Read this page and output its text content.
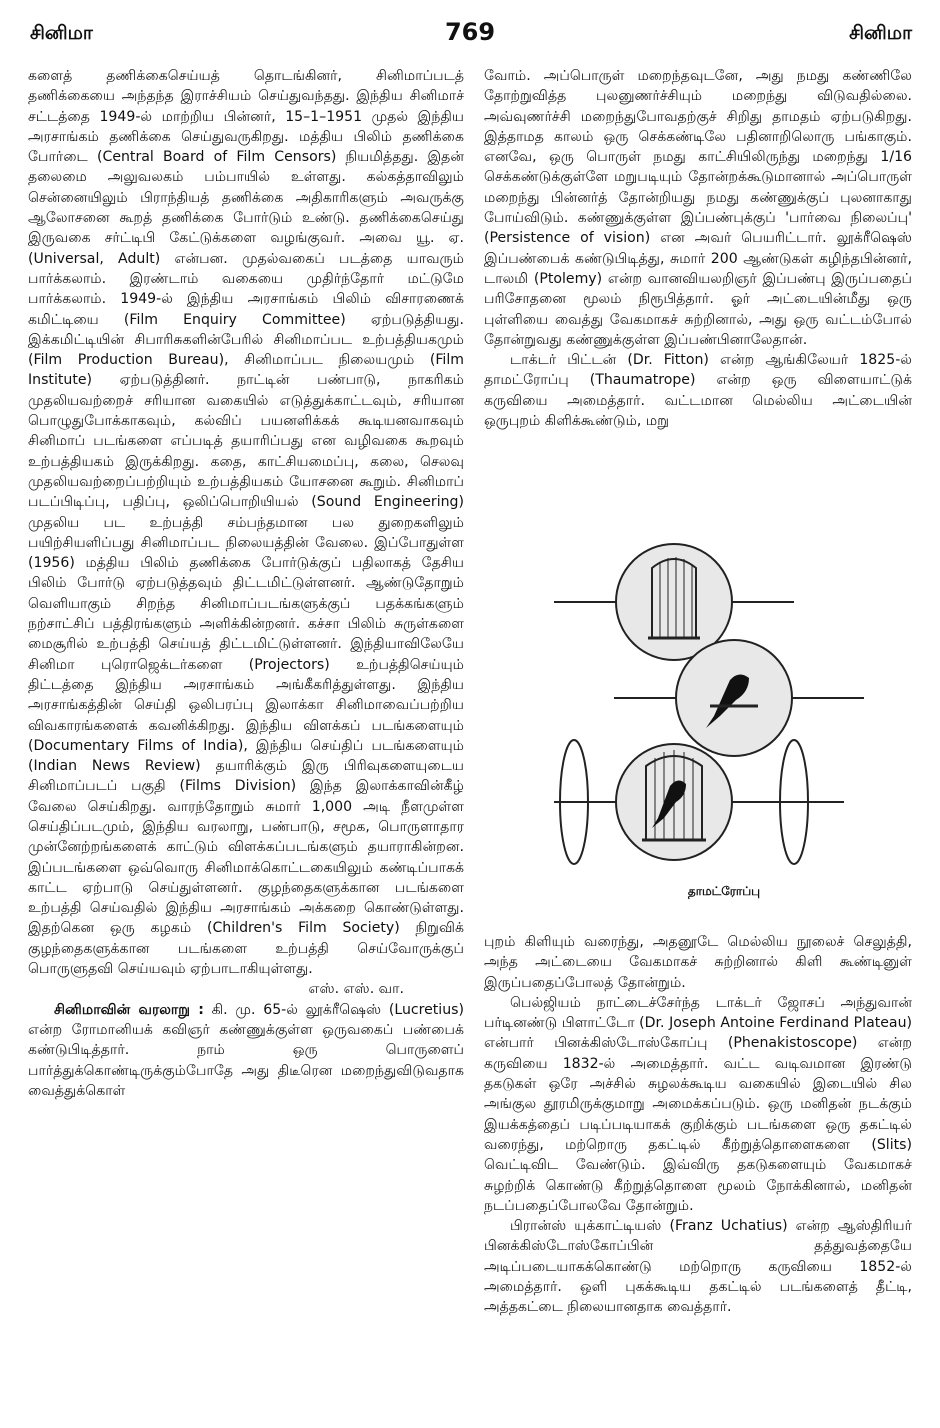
சினிமா	769	சினிமா

களைத் தணிக்கைசெய்யத் தொடங்கினர், சினிமாப்படத் தணிக்கையை அந்தந்த இராச்சியம் செய்துவந்தது. இந்திய சினிமாச் சட்டத்தை 1949-ல் மாற்றிய பின்னர், 15–1–1951 முதல் இந்திய அரசாங்கம் தணிக்கை செய்துவருகிறது. மத்திய பிலிம் தணிக்கை போர்டை (Central Board of Film Censors) நியமித்தது. இதன் தலைமை அலுவலகம் பம்பாயில் உள்ளது. கல்கத்தாவிலும் சென்னையிலும் பிராந்தியத் தணிக்கை அதிகாரிகளும் அவருக்கு ஆலோசனை கூறத் தணிக்கை போர்டும் உண்டு. தணிக்கைசெய்து இருவகை சர்ட்டிபி கேட்டுக்களை வழங்குவர். அவை யூ. ஏ. (Universal, Adult) என்பன. முதல்வகைப் படத்தை யாவரும் பார்க்கலாம். இரண்டாம் வகையை முதிர்ந்தோர் மட்டுமே பார்க்கலாம். 1949-ல் இந்திய அரசாங்கம் பிலிம் விசாரணைக் கமிட்டியை (Film Enquiry Committee) ஏற்படுத்தியது. இக்கமிட்டியின் சிபாரிசுகளின்பேரில் சினிமாப்பட உற்பத்தியகமும் (Film Production Bureau), சினிமாப்பட நிலையமும் (Film Institute) ஏற்படுத்தினர். நாட்டின் பண்பாடு, நாகரிகம் முதலியவற்றைச் சரியான வகையில் எடுத்துக்காட்டவும், சரியான பொழுதுபோக்காகவும், கல்விப் பயனளிக்கக் கூடியனவாகவும் சினிமாப் படங்களை எப்படித் தயாரிப்பது என வழிவகை கூறவும் உற்பத்தியகம் இருக்கிறது. கதை, காட்சியமைப்பு, கலை, செலவு முதலியவற்றைப்பற்றியும் உற்பத்தியகம் யோசனை கூறும். சினிமாப் படப்பிடிப்பு, பதிப்பு, ஒலிப்பொறியியல் (Sound Engineering) முதலிய பட உற்பத்தி சம்பந்தமான பல துறைகளிலும் பயிற்சியளிப்பது சினிமாப்பட நிலையத்தின் வேலை. இப்போதுள்ள (1956) மத்திய பிலிம் தணிக்கை போர்டுக்குப் பதிலாகத் தேசிய பிலிம் போர்டு ஏற்படுத்தவும் திட்டமிட்டுள்ளனர். ஆண்டுதோறும் வெளியாகும் சிறந்த சினிமாப்படங்களுக்குப் பதக்கங்களும் நற்சாட்சிப் பத்திரங்களும் அளிக்கின்றனர். கச்சா பிலிம் சுருள்களை மைசூரில் உற்பத்தி செய்யத் திட்டமிட்டுள்ளனர். இந்தியாவிலேயே சினிமா புரொஜெக்டர்களை (Projectors) உற்பத்திசெய்யும் திட்டத்தை இந்திய அரசாங்கம் அங்கீகரித்துள்ளது. இந்திய அரசாங்கத்தின் செய்தி ஒலிபரப்பு இலாக்கா சினிமாவைப்பற்றிய விவகாரங்களைக் கவனிக்கிறது. இந்திய விளக்கப் படங்களையும் (Documentary Films of India), இந்திய செய்திப் படங்களையும் (Indian News Review) தயாரிக்கும் இரு பிரிவுகளையுடைய சினிமாப்படப் பகுதி (Films Division) இந்த இலாக்காவின்கீழ் வேலை செய்கிறது. வாரந்தோறும் சுமார் 1,000 அடி நீளமுள்ள செய்திப்படமும், இந்திய வரலாறு, பண்பாடு, சமூக, பொருளாதார முன்னேற்றங்களைக் காட்டும் விளக்கப்படங்களும் தயாராகின்றன. இப்படங்களை ஒவ்வொரு சினிமாக்கொட்டகையிலும் கண்டிப்பாகக் காட்ட ஏற்பாடு செய்துள்ளனர். குழந்தைகளுக்கான படங்களை உற்பத்தி செய்வதில் இந்திய அரசாங்கம் அக்கறை கொண்டுள்ளது. இதற்கென ஒரு கழகம் (Children's Film Society) நிறுவிக் குழந்தைகளுக்கான படங்களை உற்பத்தி செய்வோருக்குப் பொருளுதவி செய்யவும் ஏற்பாடாகியுள்ளது.

எஸ். எஸ். வா.

சினிமாவின் வரலாறு : கி. மு. 65-ல் லூக்ரீஷெஸ் (Lucretius) என்ற ரோமானியக் கவிஞர் கண்ணுக்குள்ள ஒருவகைப் பண்பைக் கண்டுபிடித்தார். நாம் ஒரு பொருளைப் பார்த்துக்கொண்டிருக்கும்போதே அது திடீரென மறைந்துவிடுவதாக வைத்துக்கொள்

வோம். அப்பொருள் மறைந்தவுடனே, அது நமது கண்ணிலே தோற்றுவித்த புலனுணர்ச்சியும் மறைந்து விடுவதில்லை. அவ்வுணர்ச்சி மறைந்துபோவதற்குச் சிறிது தாமதம் ஏற்படுகிறது. இத்தாமத காலம் ஒரு செக்கண்டிலே பதினாறிலொரு பங்காகும். எனவே, ஒரு பொருள் நமது காட்சியிலிருந்து மறைந்து 1/16 செக்கண்டுக்குள்ளே மறுபடியும் தோன்றக்கூடுமானால் அப்பொருள் மறைந்து பின்னர்த் தோன்றியது நமது கண்ணுக்குப் புலனாகாது போய்விடும். கண்ணுக்குள்ள இப்பண்புக்குப் 'பார்வை நிலைப்பு' (Persistence of vision) என அவர் பெயரிட்டார். லூக்ரீஷெஸ் இப்பண்பைக் கண்டுபிடித்து, சுமார் 200 ஆண்டுகள் கழிந்தபின்னர், டாலமி (Ptolemy) என்ற வானவியலறிஞர் இப்பண்பு இருப்பதைப் பரிசோதனை மூலம் நிரூபித்தார். ஓர் அட்டையின்மீது ஒரு புள்ளியை வைத்து வேகமாகச் சுற்றினால், அது ஒரு வட்டம்போல் தோன்றுவது கண்ணுக்குள்ள இப்பண்பினாலேதான்.

டாக்டர் பிட்டன் (Dr. Fitton) என்ற ஆங்கிலேயர் 1825-ல் தாமட்ரோப்பு (Thaumatrope) என்ற ஒரு விளையாட்டுக் கருவியை அமைத்தார். வட்டமான மெல்லிய அட்டையின் ஒருபுறம் கிளிக்கூண்டும், மறு

தாமட்ரோப்பு

புறம் கிளியும் வரைந்து, அதனூடே மெல்லிய நூலைச் செலுத்தி, அந்த அட்டையை வேகமாகச் சுற்றினால் கிளி கூண்டினுள் இருப்பதைப்போலத் தோன்றும்.

பெல்ஜியம் நாட்டைச்சேர்ந்த டாக்டர் ஜோசப் அந்துவான் பர்டினண்டு பிளாட்டோ (Dr. Joseph Antoine Ferdinand Plateau) என்பார் பினக்கிஸ்டோஸ்கோப்பு (Phenakistoscope) என்ற கருவியை 1832-ல் அமைத்தார். வட்ட வடிவமான இரண்டு தகடுகள் ஒரே அச்சில் சுழலக்கூடிய வகையில் இடையில் சில அங்குல தூரமிருக்குமாறு அமைக்கப்படும். ஒரு மனிதன் நடக்கும் இயக்கத்தைப் படிப்படியாகக் குறிக்கும் படங்களை ஒரு தகட்டில் வரைந்து, மற்றொரு தகட்டில் கீற்றுத்தொளைகளை (Slits) வெட்டிவிட வேண்டும். இவ்விரு தகடுகளையும் வேகமாகச் சுழற்றிக் கொண்டு கீற்றுத்தொளை மூலம் நோக்கினால், மனிதன் நடப்பதைப்போலவே தோன்றும்.

பிரான்ஸ் யுக்காட்டியஸ் (Franz Uchatius) என்ற ஆஸ்திரியர் பினக்கிஸ்டோஸ்கோப்பின் தத்துவத்தையே அடிப்படையாகக்கொண்டு மற்றொரு கருவியை 1852-ல் அமைத்தார். ஒளி புகக்கூடிய தகட்டில் படங்களைத் தீட்டி, அத்தகட்டை நிலையானதாக வைத்தார்.
